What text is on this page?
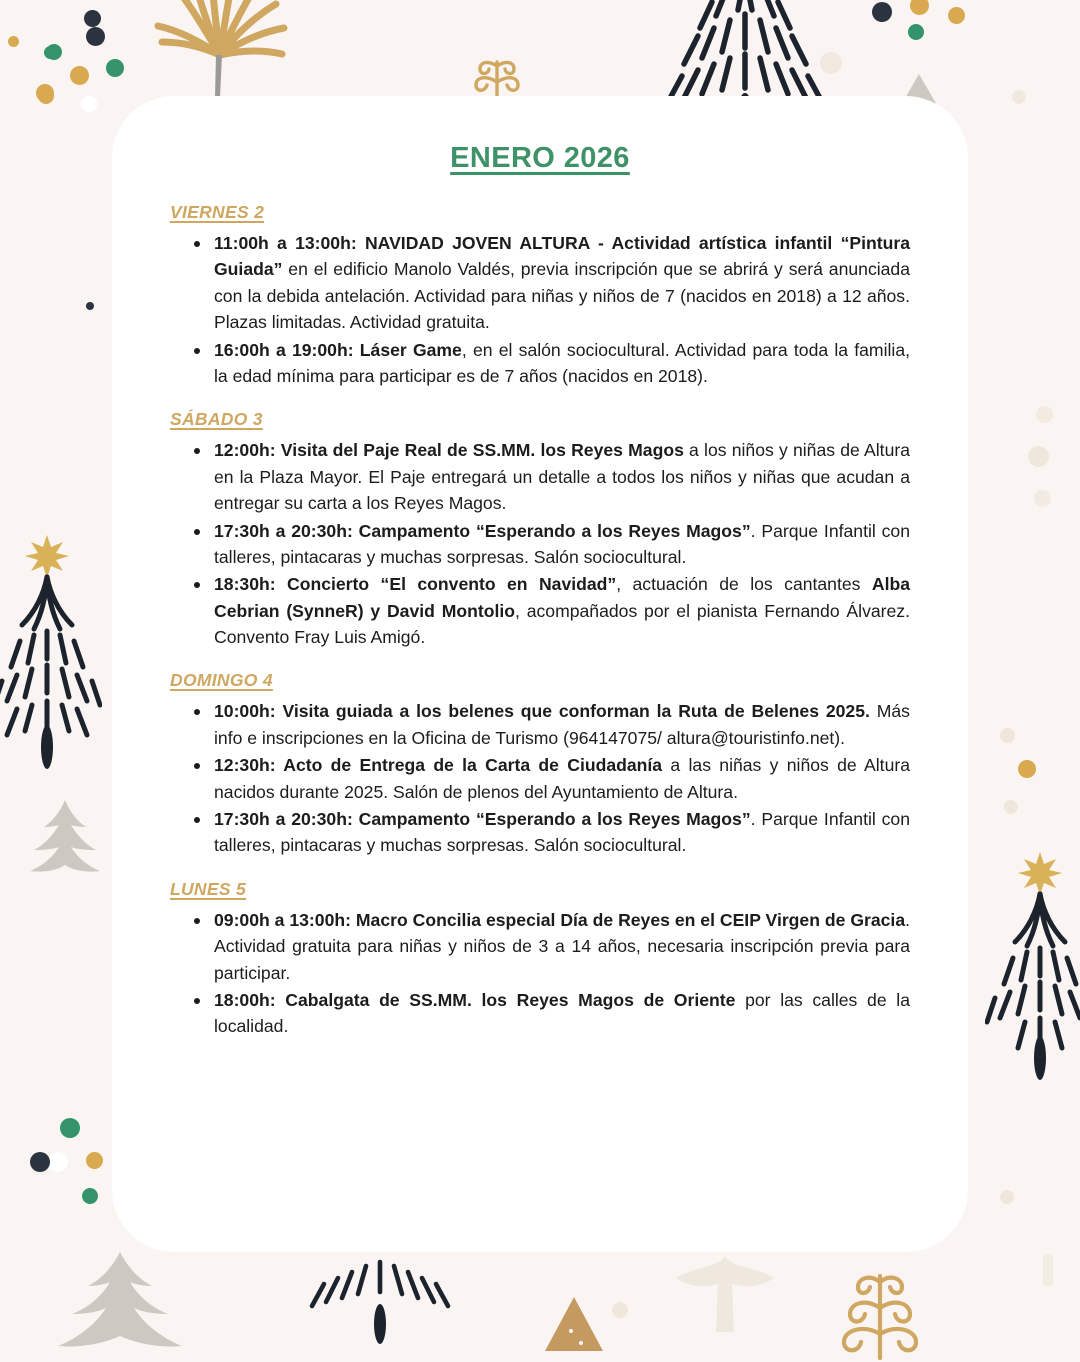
ENERO 2026
VIERNES 2
11:00h a 13:00h: NAVIDAD JOVEN ALTURA - Actividad artística infantil “Pintura Guiada” en el edificio Manolo Valdés, previa inscripción que se abrirá y será anunciada con la debida antelación. Actividad para niñas y niños de 7 (nacidos en 2018) a 12 años. Plazas limitadas. Actividad gratuita.
16:00h a 19:00h: Láser Game, en el salón sociocultural. Actividad para toda la familia, la edad mínima para participar es de 7 años (nacidos en 2018).
SÁBADO 3
12:00h: Visita del Paje Real de SS.MM. los Reyes Magos a los niños y niñas de Altura en la Plaza Mayor. El Paje entregará un detalle a todos los niños y niñas que acudan a entregar su carta a los Reyes Magos.
17:30h a 20:30h: Campamento “Esperando a los Reyes Magos”. Parque Infantil con talleres, pintacaras y muchas sorpresas. Salón sociocultural.
18:30h: Concierto “El convento en Navidad”, actuación de los cantantes Alba Cebrian (SynneR) y David Montolio, acompañados por el pianista Fernando Álvarez. Convento Fray Luis Amigó.
DOMINGO 4
10:00h: Visita guiada a los belenes que conforman la Ruta de Belenes 2025. Más info e inscripciones en la Oficina de Turismo (964147075/ altura@touristinfo.net).
12:30h: Acto de Entrega de la Carta de Ciudadanía a las niñas y niños de Altura nacidos durante 2025. Salón de plenos del Ayuntamiento de Altura.
17:30h a 20:30h: Campamento “Esperando a los Reyes Magos”. Parque Infantil con talleres, pintacaras y muchas sorpresas. Salón sociocultural.
LUNES 5
09:00h a 13:00h: Macro Concilia especial Día de Reyes en el CEIP Virgen de Gracia. Actividad gratuita para niñas y niños de 3 a 14 años, necesaria inscripción previa para participar.
18:00h: Cabalgata de SS.MM. los Reyes Magos de Oriente por las calles de la localidad.
